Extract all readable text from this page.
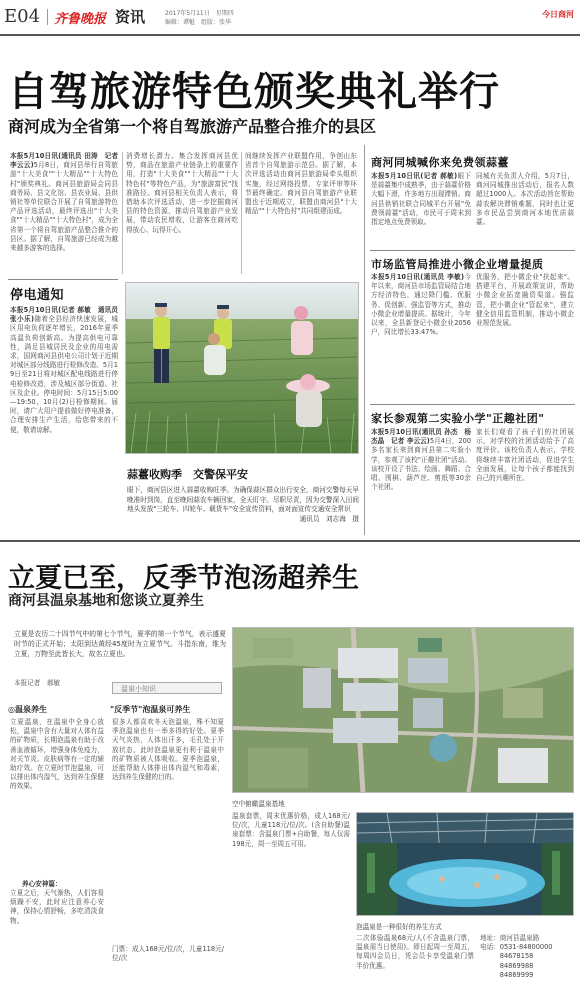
E04 齐鲁晚报 资讯	2017年5月11日　星期四
编辑：谭魁　组版：张华
今日商河
自驾旅游特色颁奖典礼举行
商河成为全省第一个将自驾旅游产品整合推介的县区
本报5月10日讯(通讯员 田涛　记者 李云云)5月8日，商河县举行自驾旅游"十大美食""十大精品""十大特色村"颁奖典礼。商河县旅游局会同县商务局、县文化馆、县农业局、县供销社等单位联合开展了自驾旅游特色产品评选活动，最终评选出"十大美食""十大精品""十大特色村"，成为全省第一个将自驾旅游产品整合推介的县区。据了解，自驾旅游已经成为越来越多游客的选择。
消费增长潜力。集合发挥商河县优势，商品在旅游产业链条上的重要作用，打造"十大美食""十大精品""十大特色村"等特色产品，为"旅游富民"找准路径。商河县相关负责人表示，将借助本次评选活动，进一步挖掘商河县的特色资源，推动自驾旅游产业发展，带动农民增收，让游客在商河吃得放心、玩得开心。
间继续发挥产业联盟作用，争创山东省首个自驾旅游示范县。据了解，本次评选活动由商河县旅游局牵头组织实施，经过网络投票、专家评审等环节最终确定。商河县自驾旅游产业联盟也于近期成立，联盟由商河县"十大精品""十大特色村"共同组建而成。
停电通知
本报5月10日讯(记者 郝敏　通讯员 张小乐)随着全县经济快速发展，城区用电负荷逐年增长，2016年夏季高温负荷创新高。为提高供电可靠性，满足县城居民及企业的用电需求，国网商河县供电公司计划于近期对城区部分线路进行检修改造。5月19日至21日将对城区配电线路进行停电检修改造，涉及城区部分街道、社区及企业。停电时间：5月15日5:00—19:50、10月(2)日检修期间。届时，请广大用户提前做好停电准备，合理安排生产生活，给您带来的不便，敬请谅解。
蒜薹收购季　交警保平安
眼下，商河县区进入蒜薹收购旺季。为确保蒜区群众出行安全，商河交警每天早晚准时到岗，直至晚间蒜农车辆回家，全天盯守。尽职尽责，因为交警深入田间地头发放"三轮车、四轮车、载货车"安全宣传资料，面对面宣传交通安全常识
通讯员　刘志海　摄
商河同城喊你来免费领蒜薹
本报5月10日讯(记者 郝敏)眼下是蒜薹集中成熟季，由于蒜薹价格大幅下滑，许多地方出现滞销。商河县供销社联合同城平台开展"免费领蒜薹"活动，市民可于周末到指定地点免费领取。
同城有关负责人介绍，5月7日，商河同城推出活动后，报名人数超过1000人。本次活动旨在帮助蒜农解决滞销难题，同时也让更多市民品尝到商河本地优质蒜薹。
市场监管局推进小微企业增量提质
本报5月10日讯(通讯员 李敏)今年以来，商河县市场监管局结合地方经济特色，通过降门槛、优服务、促创新、强监管等方式，推动小微企业增量提质。据统计，今年以来，全县新登记小微企业2056户，同比增长33.47%。
优服务，把小微企业"扶起来"。搭建平台，开展政策宣讲，帮助小微企业拓宽融资渠道。强监管，把小微企业"管起来"，建立健全信用监管机制，推动小微企业规范发展。
家长参观第二实验小学"正趣社团"
本报5月10日讯(通讯员 孙杰　杨杰晶　记者 李云云)5月4日，200多名家长来到商河县第二实验小学，参观了该校"正趣社团"活动。该校开设了书法、绘画、舞蹈、合唱、围棋、葫芦丝、剪纸等30余个社团。
家长们观看了孩子们的社团展示，对学校的社团活动给予了高度评价。该校负责人表示，学校将继续丰富社团活动，促进学生全面发展，让每个孩子都能找到自己的兴趣所在。
立夏已至，反季节泡汤超养生
商河县温泉基地和您谈立夏养生
立夏是农历二十四节气中的第七个节气，夏季的第一个节气，表示盛夏时节的正式开始；太阳到达黄经45度时为立夏节气。斗指东南，维为立夏，万物至此皆长大，故名立夏也。
本报记者　郝敏
温泉小知识
◎温泉养生
立夏温泉，在温泉中全身心放松，温泉中含有大量对人体有益的矿物质，长期泡温泉有助于改善血液循环，增强身体免疫力，对关节炎、皮肤病等有一定的辅助疗效。在立夏时节泡温泉，可以排出体内湿气，达到养生保健的效果。
养心安神篇：
立夏之后，天气渐热，人们容易烦躁不安，此时应注意养心安神，保持心情舒畅，多吃清淡食物。
"反季节"泡温泉可养生
很多人都喜欢冬天泡温泉，殊不知夏季泡温泉也有一举多得的好处。夏季天气炎热，人体出汗多，毛孔处于开放状态，此时泡温泉更有利于温泉中的矿物质被人体吸收。夏季泡温泉，还能帮助人体排出体内湿气和毒素，达到养生保健的目的。
门票：成人168元/位/次，儿童118元/位/次
空中俯瞰温泉基地
温泉套票，周末优惠价格，成人168元/位/次，儿童118元/位/次。(含自助餐)温泉套票：含温泉门票+自助餐，每人仅需198元，周一至周五可用。
泡温泉是一种很好的养生方式
二次体验温泉68元/人(不含温泉门票，温泉需当日使用)。即日起周一至周五，每周四会员日，凭会员卡享受温泉门票半价优惠。
地址：商河县温泉路
电话：0531-84800000
　　　84678158
　　　84869988
　　　84869999
